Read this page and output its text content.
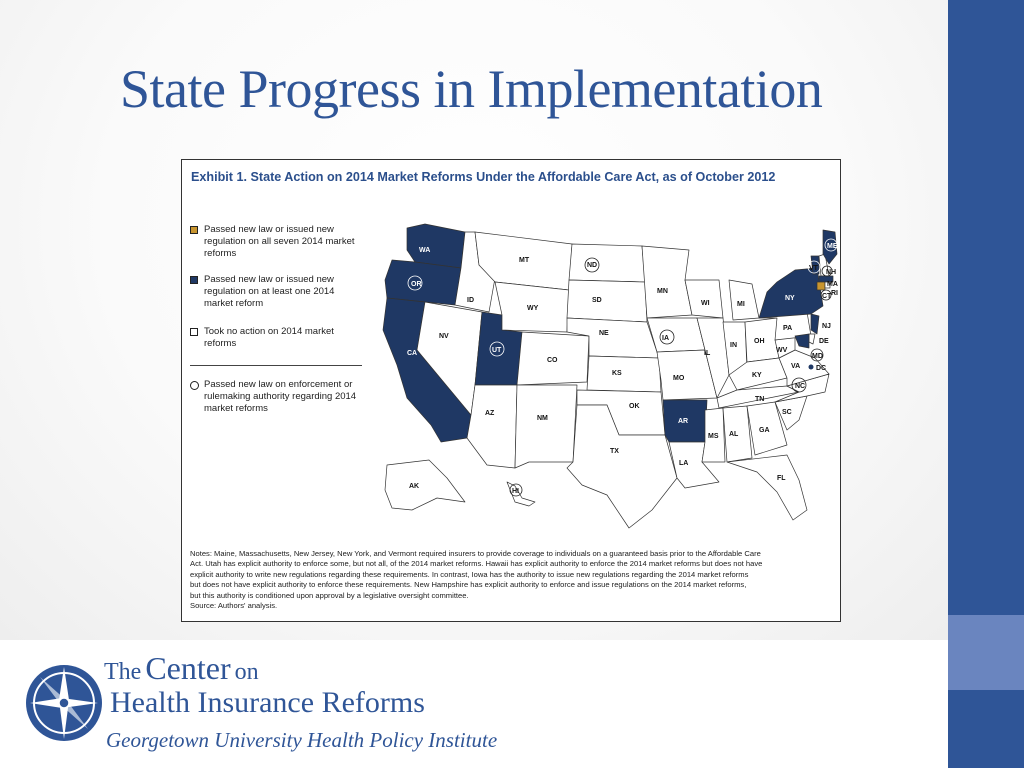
State Progress in Implementation
Exhibit 1. State Action on 2014 Market Reforms Under the Affordable Care Act, as of October 2012
Passed new law or issued new regulation on all seven 2014 market reforms
Passed new law or issued new regulation on at least one 2014 market reform
Took no action on 2014 market reforms
Passed new law on enforcement or rulemaking authority regarding 2014 market reforms
WA
OR
CA
ID
NV
UT
AZ
MT
WY
CO
NM
ND
SD
NE
KS
OK
TX
MN
IA
MO
AR
LA
WI
IL
MI
IN
OH
KY
TN
MS AL
GA
FL
SC
NC
VA
WV
PA
NY
VT
NH
ME
MA
CT RI
NJ
DE
MD
DC
AK
HI
Notes: Maine, Massachusetts, New Jersey, New York, and Vermont required insurers to provide coverage to individuals on a guaranteed basis prior to the Affordable Care
Act. Utah has explicit authority to enforce some, but not all, of the 2014 market reforms. Hawaii has explicit authority to enforce the 2014 market reforms but does not have
explicit authority to write new regulations regarding these requirements. In contrast, Iowa has the authority to issue new regulations regarding the 2014 market reforms
but does not have explicit authority to enforce these requirements. New Hampshire has explicit authority to enforce and issue regulations on the 2014 market reforms,
but this authority is conditioned upon approval by a legislative oversight committee.
Source: Authors' analysis.
The Center on
Health Insurance Reforms
Georgetown University Health Policy Institute
